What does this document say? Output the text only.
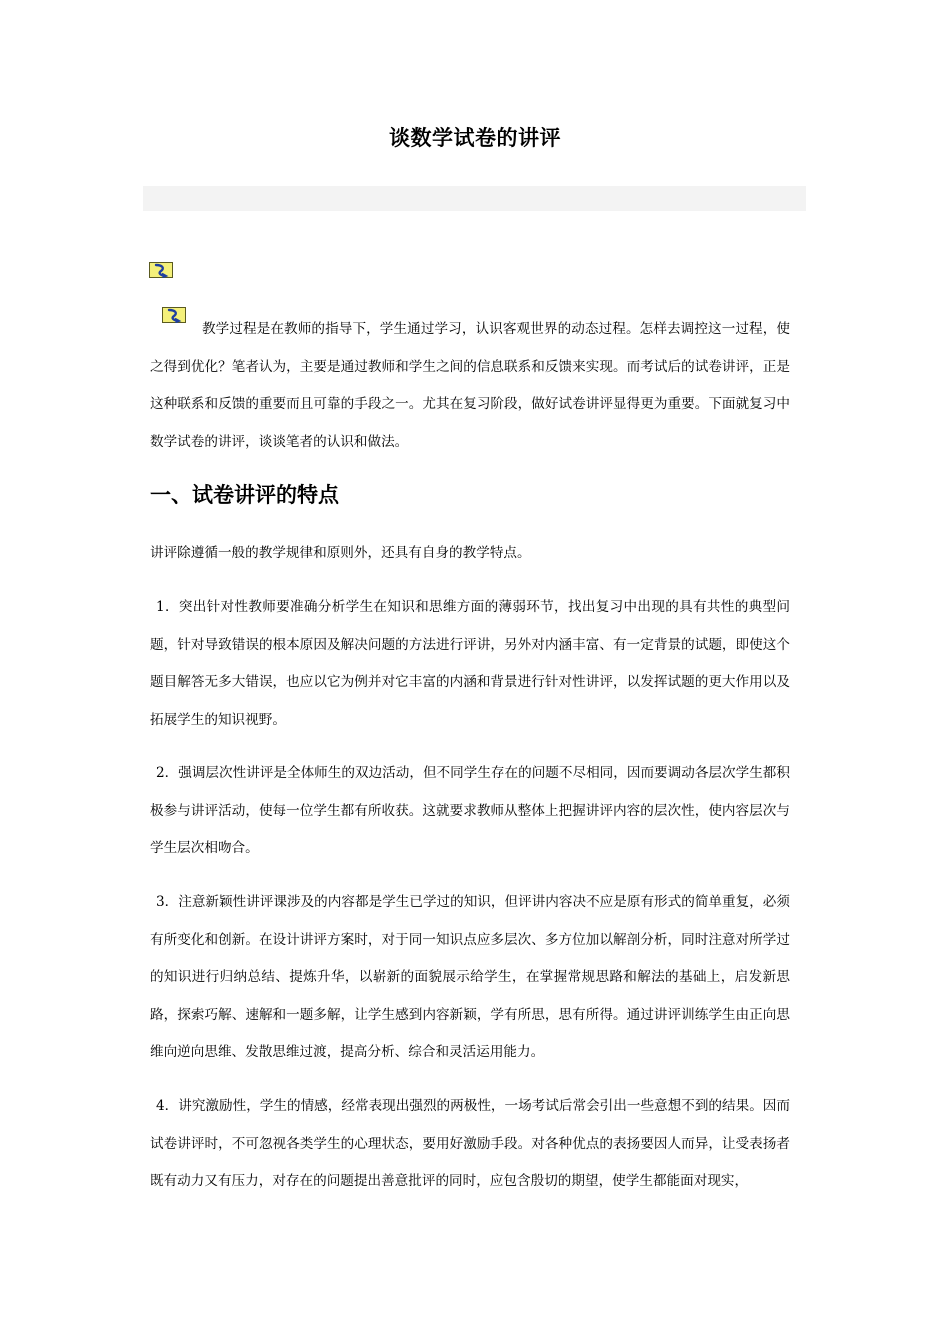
谈数学试卷的讲评

教学过程是在教师的指导下，学生通过学习，认识客观世界的动态过程。怎样去调控这一过程，使之得到优化？笔者认为，主要是通过教师和学生之间的信息联系和反馈来实现。而考试后的试卷讲评，正是这种联系和反馈的重要而且可靠的手段之一。尤其在复习阶段，做好试卷讲评显得更为重要。下面就复习中数学试卷的讲评，谈谈笔者的认识和做法。

一、试卷讲评的特点

讲评除遵循一般的教学规律和原则外，还具有自身的教学特点。

1．突出针对性教师要准确分析学生在知识和思维方面的薄弱环节，找出复习中出现的具有共性的典型问题，针对导致错误的根本原因及解决问题的方法进行评讲，另外对内涵丰富、有一定背景的试题，即使这个题目解答无多大错误，也应以它为例并对它丰富的内涵和背景进行针对性讲评，以发挥试题的更大作用以及拓展学生的知识视野。

2．强调层次性讲评是全体师生的双边活动，但不同学生存在的问题不尽相同，因而要调动各层次学生都积极参与讲评活动，使每一位学生都有所收获。这就要求教师从整体上把握讲评内容的层次性，使内容层次与学生层次相吻合。

3．注意新颖性讲评课涉及的内容都是学生已学过的知识，但评讲内容决不应是原有形式的简单重复，必须有所变化和创新。在设计讲评方案时，对于同一知识点应多层次、多方位加以解剖分析，同时注意对所学过的知识进行归纳总结、提炼升华，以崭新的面貌展示给学生，在掌握常规思路和解法的基础上，启发新思路，探索巧解、速解和一题多解，让学生感到内容新颖，学有所思，思有所得。通过讲评训练学生由正向思维向逆向思维、发散思维过渡，提高分析、综合和灵活运用能力。

4．讲究激励性，学生的情感，经常表现出强烈的两极性，一场考试后常会引出一些意想不到的结果。因而试卷讲评时，不可忽视各类学生的心理状态，要用好激励手段。对各种优点的表扬要因人而异，让受表扬者既有动力又有压力，对存在的问题提出善意批评的同时，应包含殷切的期望，使学生都能面对现实，
